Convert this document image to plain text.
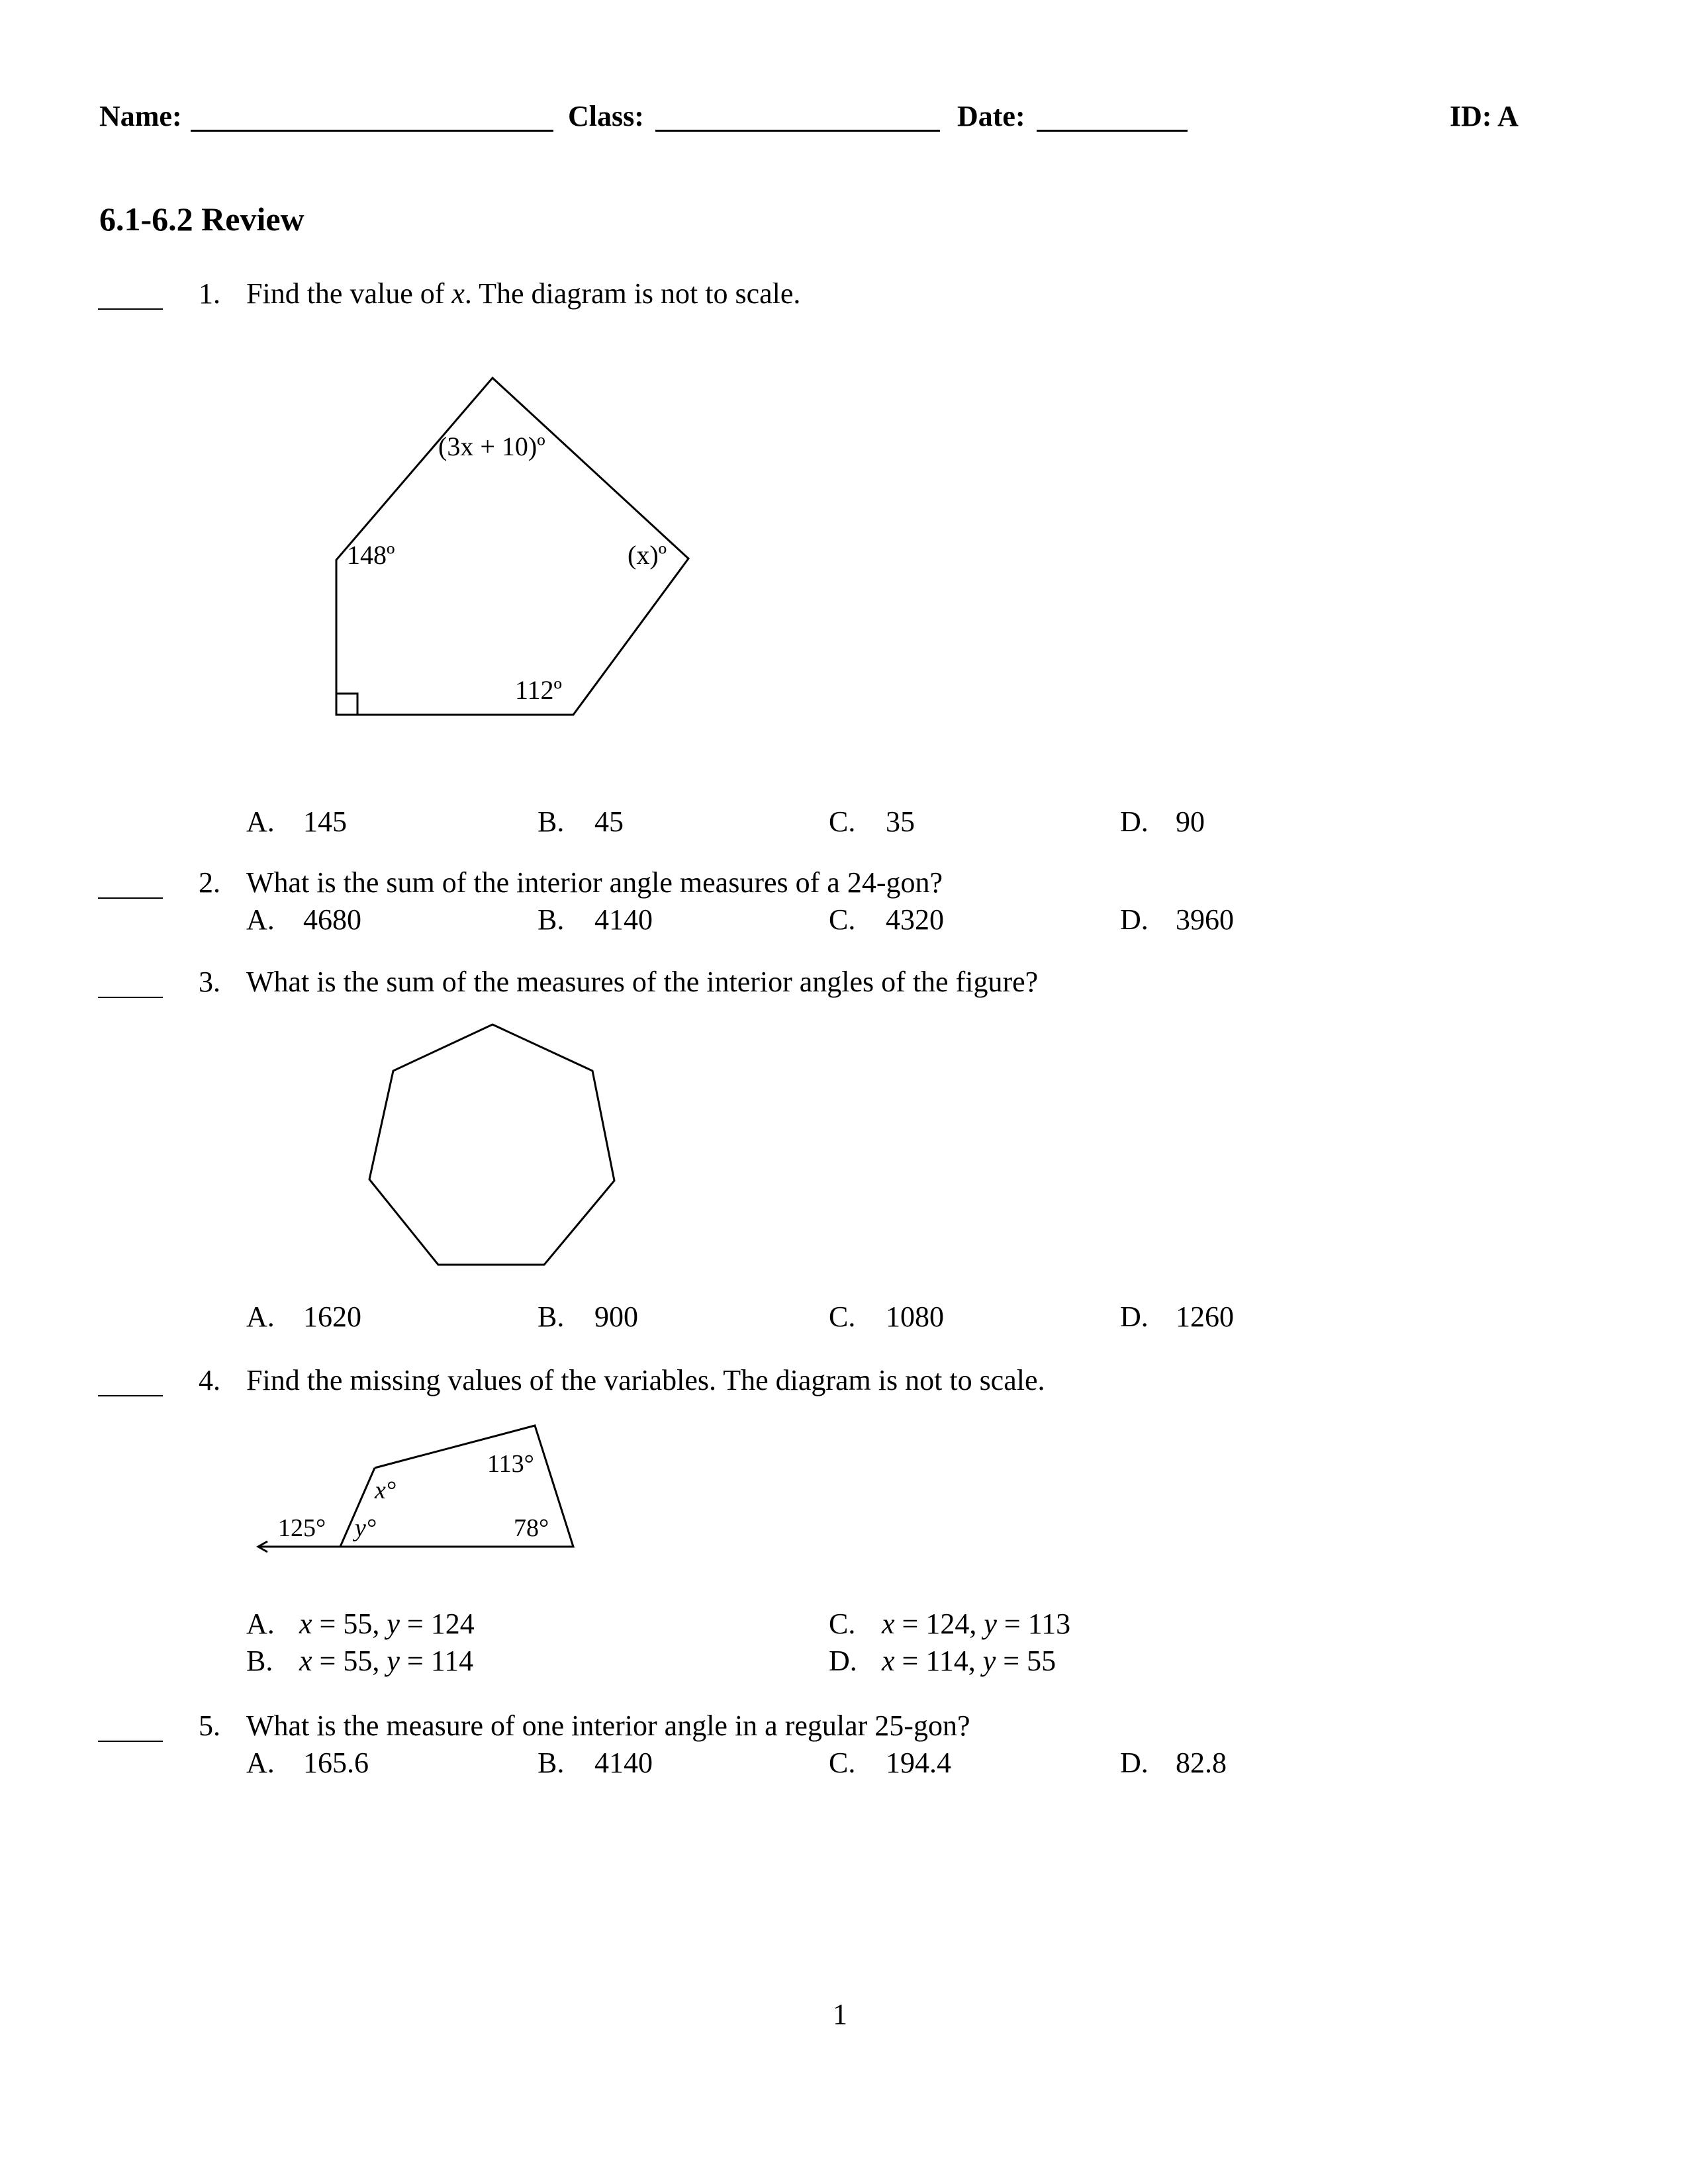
Name:	Class:	Date:	ID: A
6.1-6.2 Review
1. Find the value of x. The diagram is not to scale.
(3x + 10)º
148º	(x)º
112º
A. 145	B. 45	C. 35	D. 90
2. What is the sum of the interior angle measures of a 24-gon?
A. 4680	B. 4140	C. 4320	D. 3960
3. What is the sum of the measures of the interior angles of the figure?
A. 1620	B. 900	C. 1080	D. 1260
4. Find the missing values of the variables. The diagram is not to scale.
113°
x°
125° y°	78°
A. x = 55, y = 124
B. x = 55, y = 114
C. x = 124, y = 113
D. x = 114, y = 55
5. What is the measure of one interior angle in a regular 25-gon?
A. 165.6	B. 4140	C. 194.4	D. 82.8
1
